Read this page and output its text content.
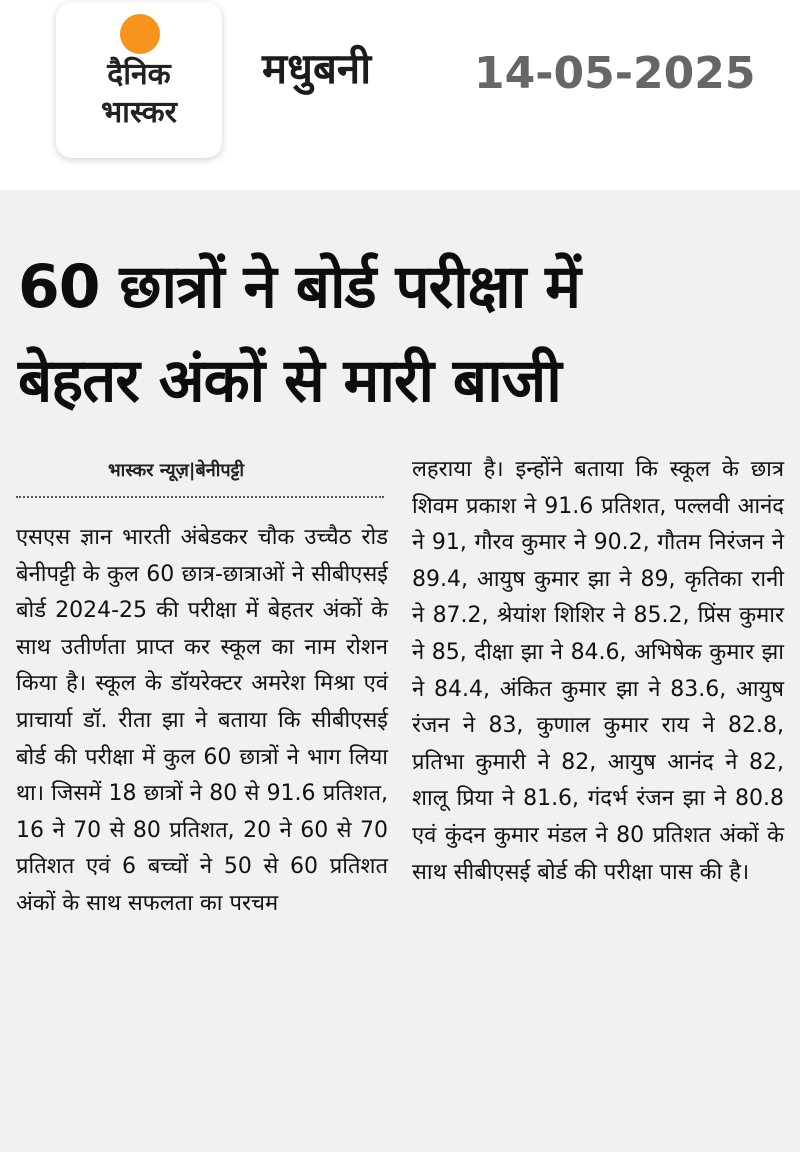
दैनिक
भास्कर
मधुबनी 14-05-2025
60 छात्रों ने बोर्ड परीक्षा में
बेहतर अंकों से मारी बाजी
भास्कर न्यूज़|बेनीपट्टी
एसएस ज्ञान भारती अंबेडकर चौक उच्चैठ रोड बेनीपट्टी के कुल 60 छात्र-छात्राओं ने सीबीएसई बोर्ड 2024-25 की परीक्षा में बेहतर अंकों के साथ उतीर्णता प्राप्त कर स्कूल का नाम रोशन किया है। स्कूल के डॉयरेक्टर अमरेश मिश्रा एवं प्राचार्या डॉ. रीता झा ने बताया कि सीबीएसई बोर्ड की परीक्षा में कुल 60 छात्रों ने भाग लिया था। जिसमें 18 छात्रों ने 80 से 91.6 प्रतिशत, 16 ने 70 से 80 प्रतिशत, 20 ने 60 से 70 प्रतिशत एवं 6 बच्चों ने 50 से 60 प्रतिशत अंकों के साथ सफलता का परचम
लहराया है। इन्होंने बताया कि स्कूल के छात्र शिवम प्रकाश ने 91.6 प्रतिशत, पल्लवी आनंद ने 91, गौरव कुमार ने 90.2, गौतम निरंजन ने 89.4, आयुष कुमार झा ने 89, कृतिका रानी ने 87.2, श्रेयांश शिशिर ने 85.2, प्रिंस कुमार ने 85, दीक्षा झा ने 84.6, अभिषेक कुमार झा ने 84.4, अंकित कुमार झा ने 83.6, आयुष रंजन ने 83, कुणाल कुमार राय ने 82.8, प्रतिभा कुमारी ने 82, आयुष आनंद ने 82, शालू प्रिया ने 81.6, गंदर्भ रंजन झा ने 80.8 एवं कुंदन कुमार मंडल ने 80 प्रतिशत अंकों के साथ सीबीएसई बोर्ड की परीक्षा पास की है।
